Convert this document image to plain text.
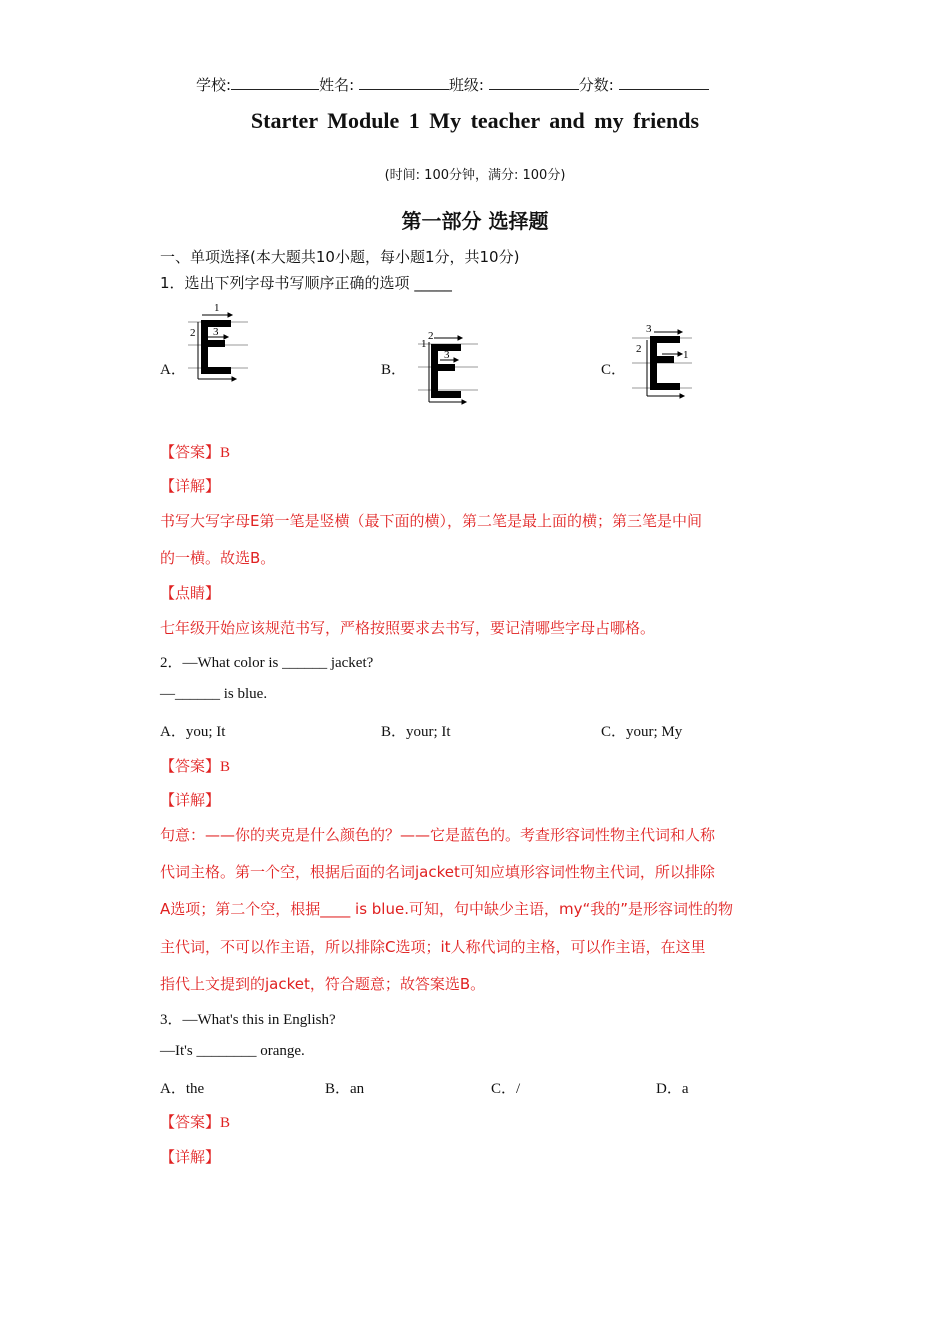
学校:	姓名:	班级:	分数:
Starter Module 1 My teacher and my friends
(时间: 100分钟，满分: 100分)
第一部分 选择题
一、单项选择(本大题共10小题，每小题1分，共10分)
1．选出下列字母书写顺序正确的选项 _____
A．
1
2 3
B．
1
2
3
C．
3
2	1
【答案】B
【详解】
书写大写字母E第一笔是竖横（最下面的横），第二笔是最上面的横；第三笔是中间
的一横。故选B。
【点睛】
七年级开始应该规范书写，严格按照要求去书写，要记清哪些字母占哪格。
2．—What color is ______ jacket?
—______ is blue.
A．you; It	B．your; It	C．your; My
【答案】B
【详解】
句意：——你的夹克是什么颜色的？——它是蓝色的。考查形容词性物主代词和人称
代词主格。第一个空，根据后面的名词jacket可知应填形容词性物主代词，所以排除
A选项；第二个空，根据____ is blue.可知，句中缺少主语，my“我的”是形容词性的物
主代词，不可以作主语，所以排除C选项；it人称代词的主格，可以作主语，在这里
指代上文提到的jacket，符合题意；故答案选B。
3．—What's this in English?
—It's ________ orange.
A．the	B．an	C．/	D．a
【答案】B
【详解】
